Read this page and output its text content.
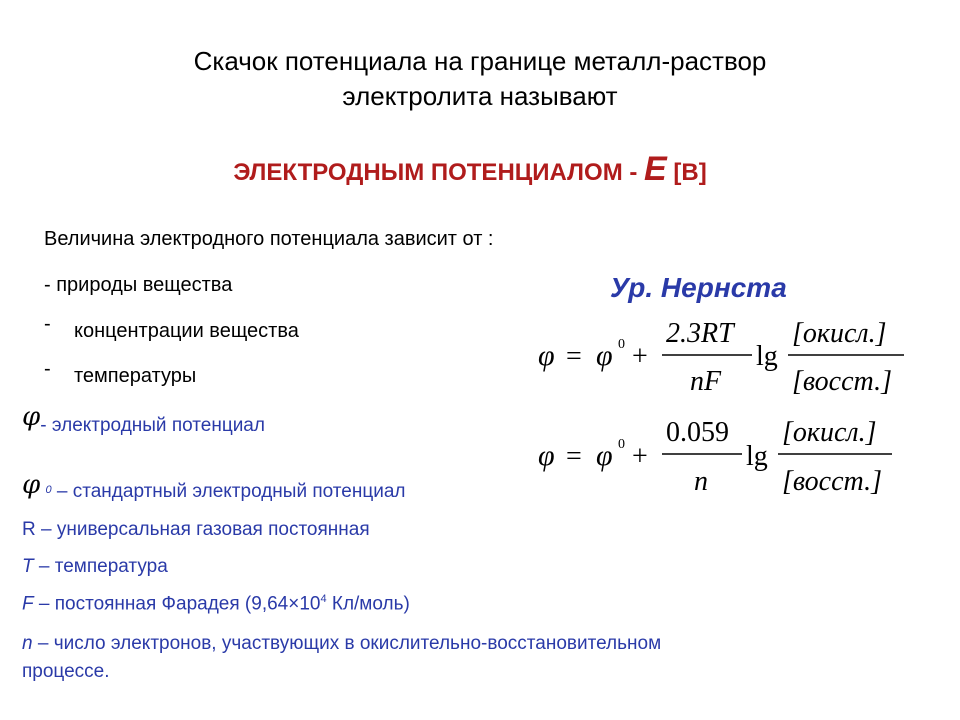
Скачок потенциала на границе металл-раствор
электролита называют
ЭЛЕКТРОДНЫМ ПОТЕНЦИАЛОМ - E [В]
Величина электродного потенциала зависит от :
- природы вещества
- концентрации вещества
- температуры
Ур. Нернста
φ = φ 0 +
2.3RT
nF
lg
[окисл.]
[восст.]
φ = φ 0 +
0.059
n
lg
[окисл.]
[восст.]
φ- электродный потенциал
φ 0 – стандартный электродный потенциал
R – универсальная газовая постоянная
T – температура
F – постоянная Фарадея ($9,64\times 10^4$ Кл/моль)
n – число электронов, участвующих в окислительно-восстановительном
процессе.
